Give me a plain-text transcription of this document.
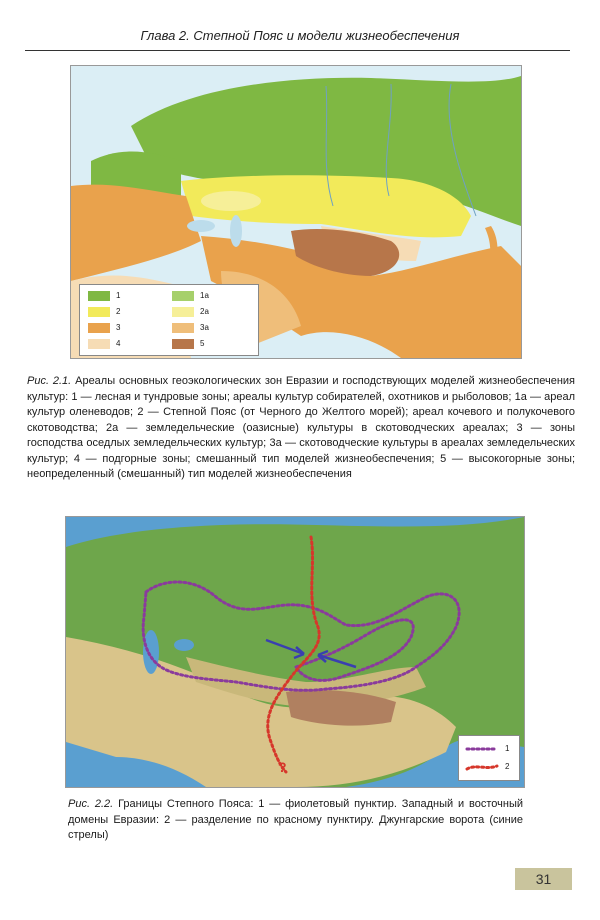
Глава 2. Степной Пояс и модели жизнеобеспечения
1	1а
2	2а
3	3а
4	5
Рис. 2.1. Ареалы основных геоэкологических зон Евразии и господствующих моделей жизнеобеспечения культур: 1 — лесная и тундровые зоны; ареалы культур собирателей, охотников и рыболовов; 1а — ареал культур оленеводов; 2 — Степной Пояс (от Черного до Желтого морей); ареал кочевого и полукочевого скотоводства; 2а — земледельческие (оазисные) культуры в скотоводческих ареалах; 3 — зоны господства оседлых земледельческих культур; 3а — скотоводческие культуры в ареалах земледельческих культур; 4 — подгорные зоны; смешанный тип моделей жизнеобеспечения; 5 — высокогорные зоны; неопределенный (смешанный) тип моделей жизнеобеспечения
?
1
2
Рис. 2.2. Границы Степного Пояса: 1 — фиолетовый пунктир. Западный и восточный домены Евразии: 2 — разделение по красному пунктиру. Джунгарские ворота (синие стрелы)
31
